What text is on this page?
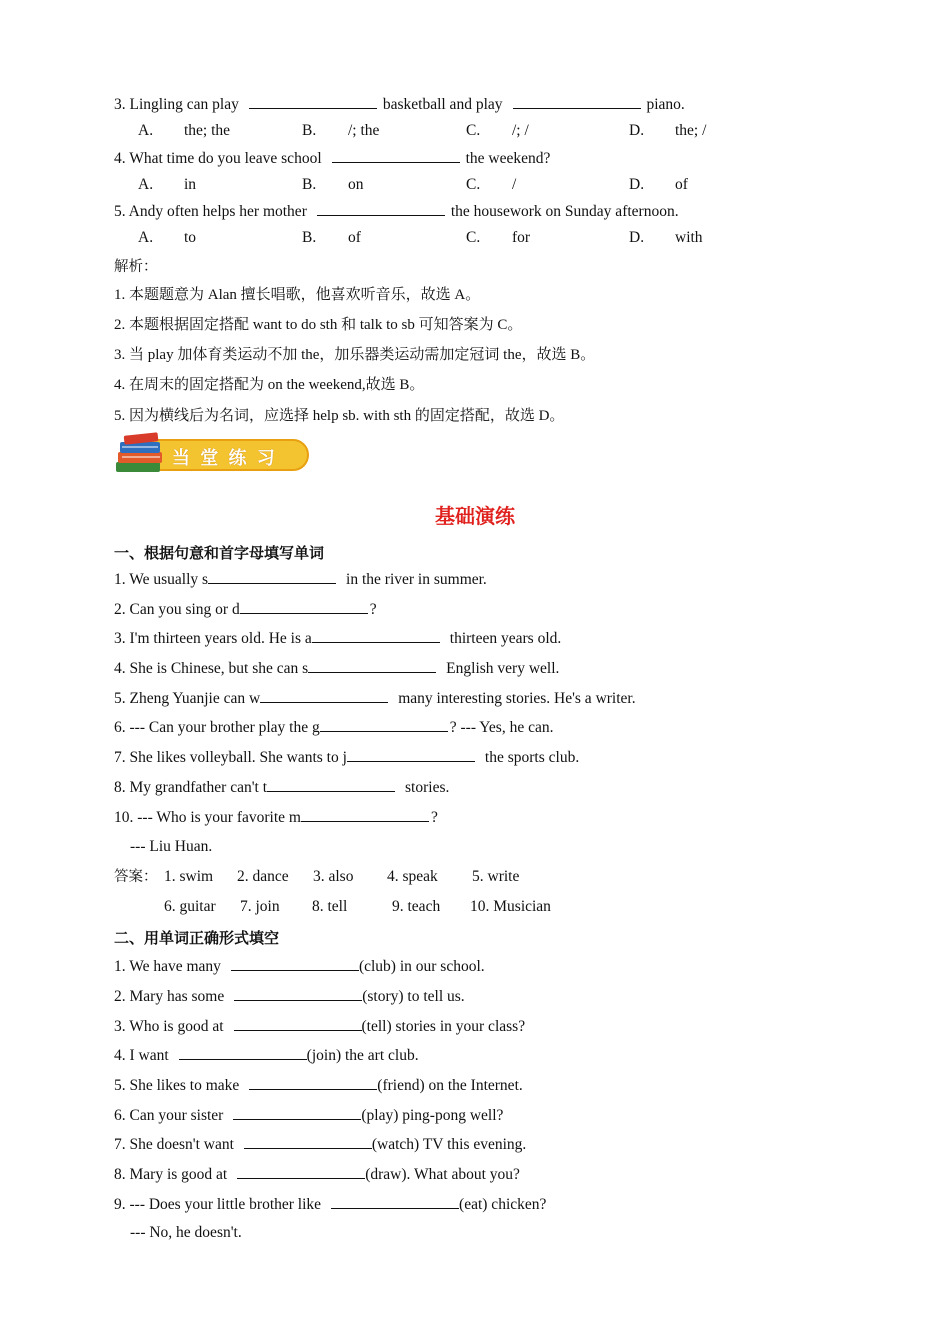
3. Lingling can play	basketball and play	piano.
A. the; the	B. /; the	C. /; /	D. the; /
4. What time do you leave school	the weekend?
A. in	B. on	C. /	D. of
5. Andy often helps her mother	the housework on Sunday afternoon.
A. to	B. of	C. for	D. with
解析：
1. 本题题意为 Alan 擅长唱歌，他喜欢听音乐，故选 A。
2. 本题根据固定搭配 want to do sth 和 talk to sb 可知答案为 C。
3. 当 play 加体育类运动不加 the，加乐器类运动需加定冠词 the，故选 B。
4. 在周末的固定搭配为 on the weekend,故选 B。
5. 因为横线后为名词，应选择 help sb. with sth 的固定搭配，故选 D。
当 堂 练 习
基础演练
一、根据句意和首字母填写单词
1. We usually s	in the river in summer.
2. Can you sing or d	?
3. I'm thirteen years old. He is a	thirteen years old.
4. She is Chinese, but she can s	English very well.
5. Zheng Yuanjie can w	many interesting stories. He's a writer.
6. --- Can your brother play the g	? --- Yes, he can.
7. She likes volleyball. She wants to j	the sports club.
8. My grandfather can't t	stories.
10. --- Who is your favorite m	?
--- Liu Huan.
答案： 1. swim 2. dance 3. also 4. speak 5. write
6. guitar 7. join 8. tell	9. teach 10. Musician
二、用单词正确形式填空
1. We have many	(club) in our school.
2. Mary has some	(story) to tell us.
3. Who is good at	(tell) stories in your class?
4. I want	(join) the art club.
5. She likes to make	(friend) on the Internet.
6. Can your sister	(play) ping-pong well?
7. She doesn't want	(watch) TV this evening.
8. Mary is good at	(draw). What about you?
9. --- Does your little brother like	(eat) chicken?
--- No, he doesn't.
